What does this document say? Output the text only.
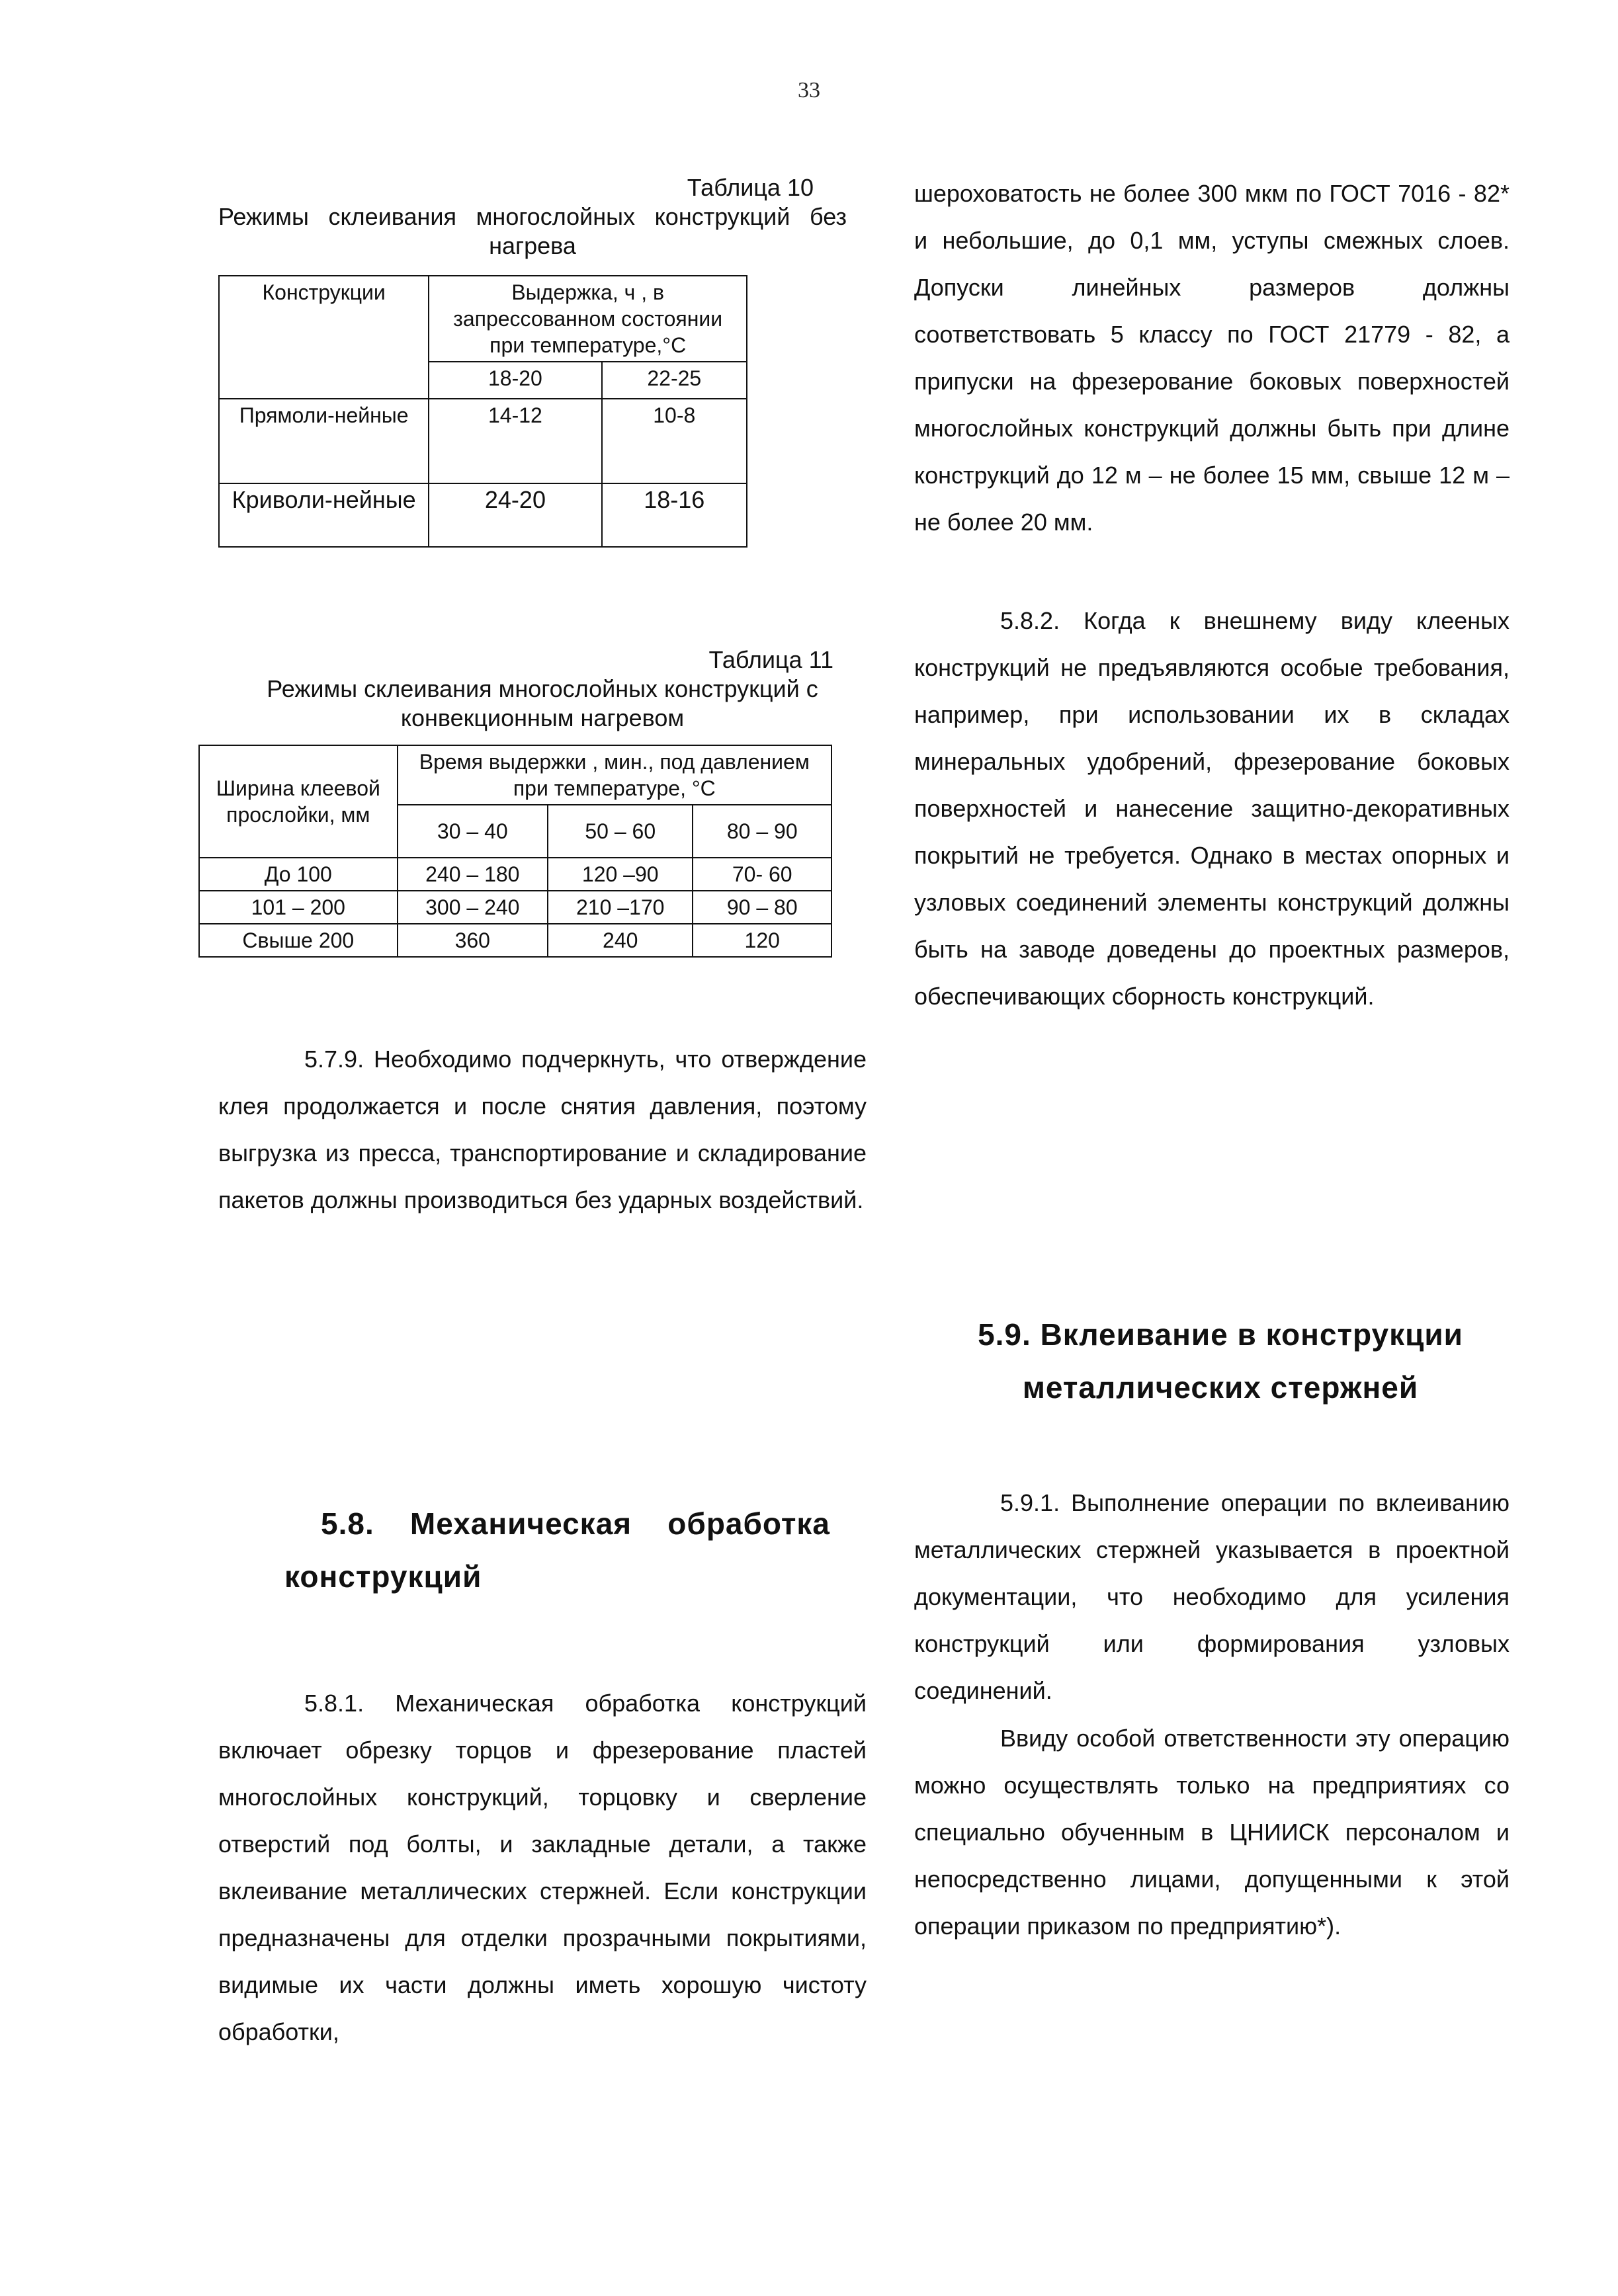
33
Таблица 10
Режимы склеивания многослойных конструкций без нагрева
Конструкции	Выдержка, ч , в запрессованном состоянии при температуре,°С	
	18-20	22-25
Прямоли-нейные	14-12	10-8
Криволи-нейные	24-20	18-16
Таблица 11
Режимы склеивания многослойных конструкций с конвекционным нагревом
Ширина клеевой прослойки, мм	Время выдержки , мин., под давлением при температуре, °С		
	30 – 40	50 – 60	80 – 90
До 100	240 – 180	120 –90	70- 60
101 – 200	300 – 240	210 –170	90 – 80
Свыше 200	360	240	120
5.7.9. Необходимо подчеркнуть, что отверждение клея продолжается и после снятия давления, поэтому выгрузка из пресса, транспортирование и складирование пакетов должны производиться без ударных воздействий.
5.8. Механическая обработка конструкций
5.8.1. Механическая обработка конструкций включает обрезку торцов и фрезерование пластей многослойных конструкций, торцовку и сверление отверстий под болты, и закладные детали, а также вклеивание металлических стержней. Если конструкции предназначены для отделки прозрачными покрытиями, видимые их части должны иметь хорошую чистоту обработки,
шероховатость не более 300 мкм по ГОСТ 7016 - 82* и небольшие, до 0,1 мм, уступы смежных слоев. Допуски линейных размеров должны соответствовать 5 классу по ГОСТ 21779 - 82, а припуски на фрезерование боковых поверхностей многослойных конструкций должны быть при длине конструкций до 12 м – не более 15 мм, свыше 12 м – не более 20 мм.
5.8.2. Когда к внешнему виду клееных конструкций не предъявляются особые требования, например, при использовании их в складах минеральных удобрений, фрезерование боковых поверхностей и нанесение защитно-декоративных покрытий не требуется. Однако в местах опорных и узловых соединений элементы конструкций должны быть на заводе доведены до проектных размеров, обеспечивающих сборность конструкций.
5.9. Вклеивание в конструкции металлических стержней
5.9.1. Выполнение операции по вклеиванию металлических стержней указывается в проектной документации, что необходимо для усиления конструкций или формирования узловых соединений.
Ввиду особой ответственности эту операцию можно осуществлять только на предприятиях со специально обученным в ЦНИИСК персоналом и непосредственно лицами, допущенными к этой операции приказом по предприятию*).
